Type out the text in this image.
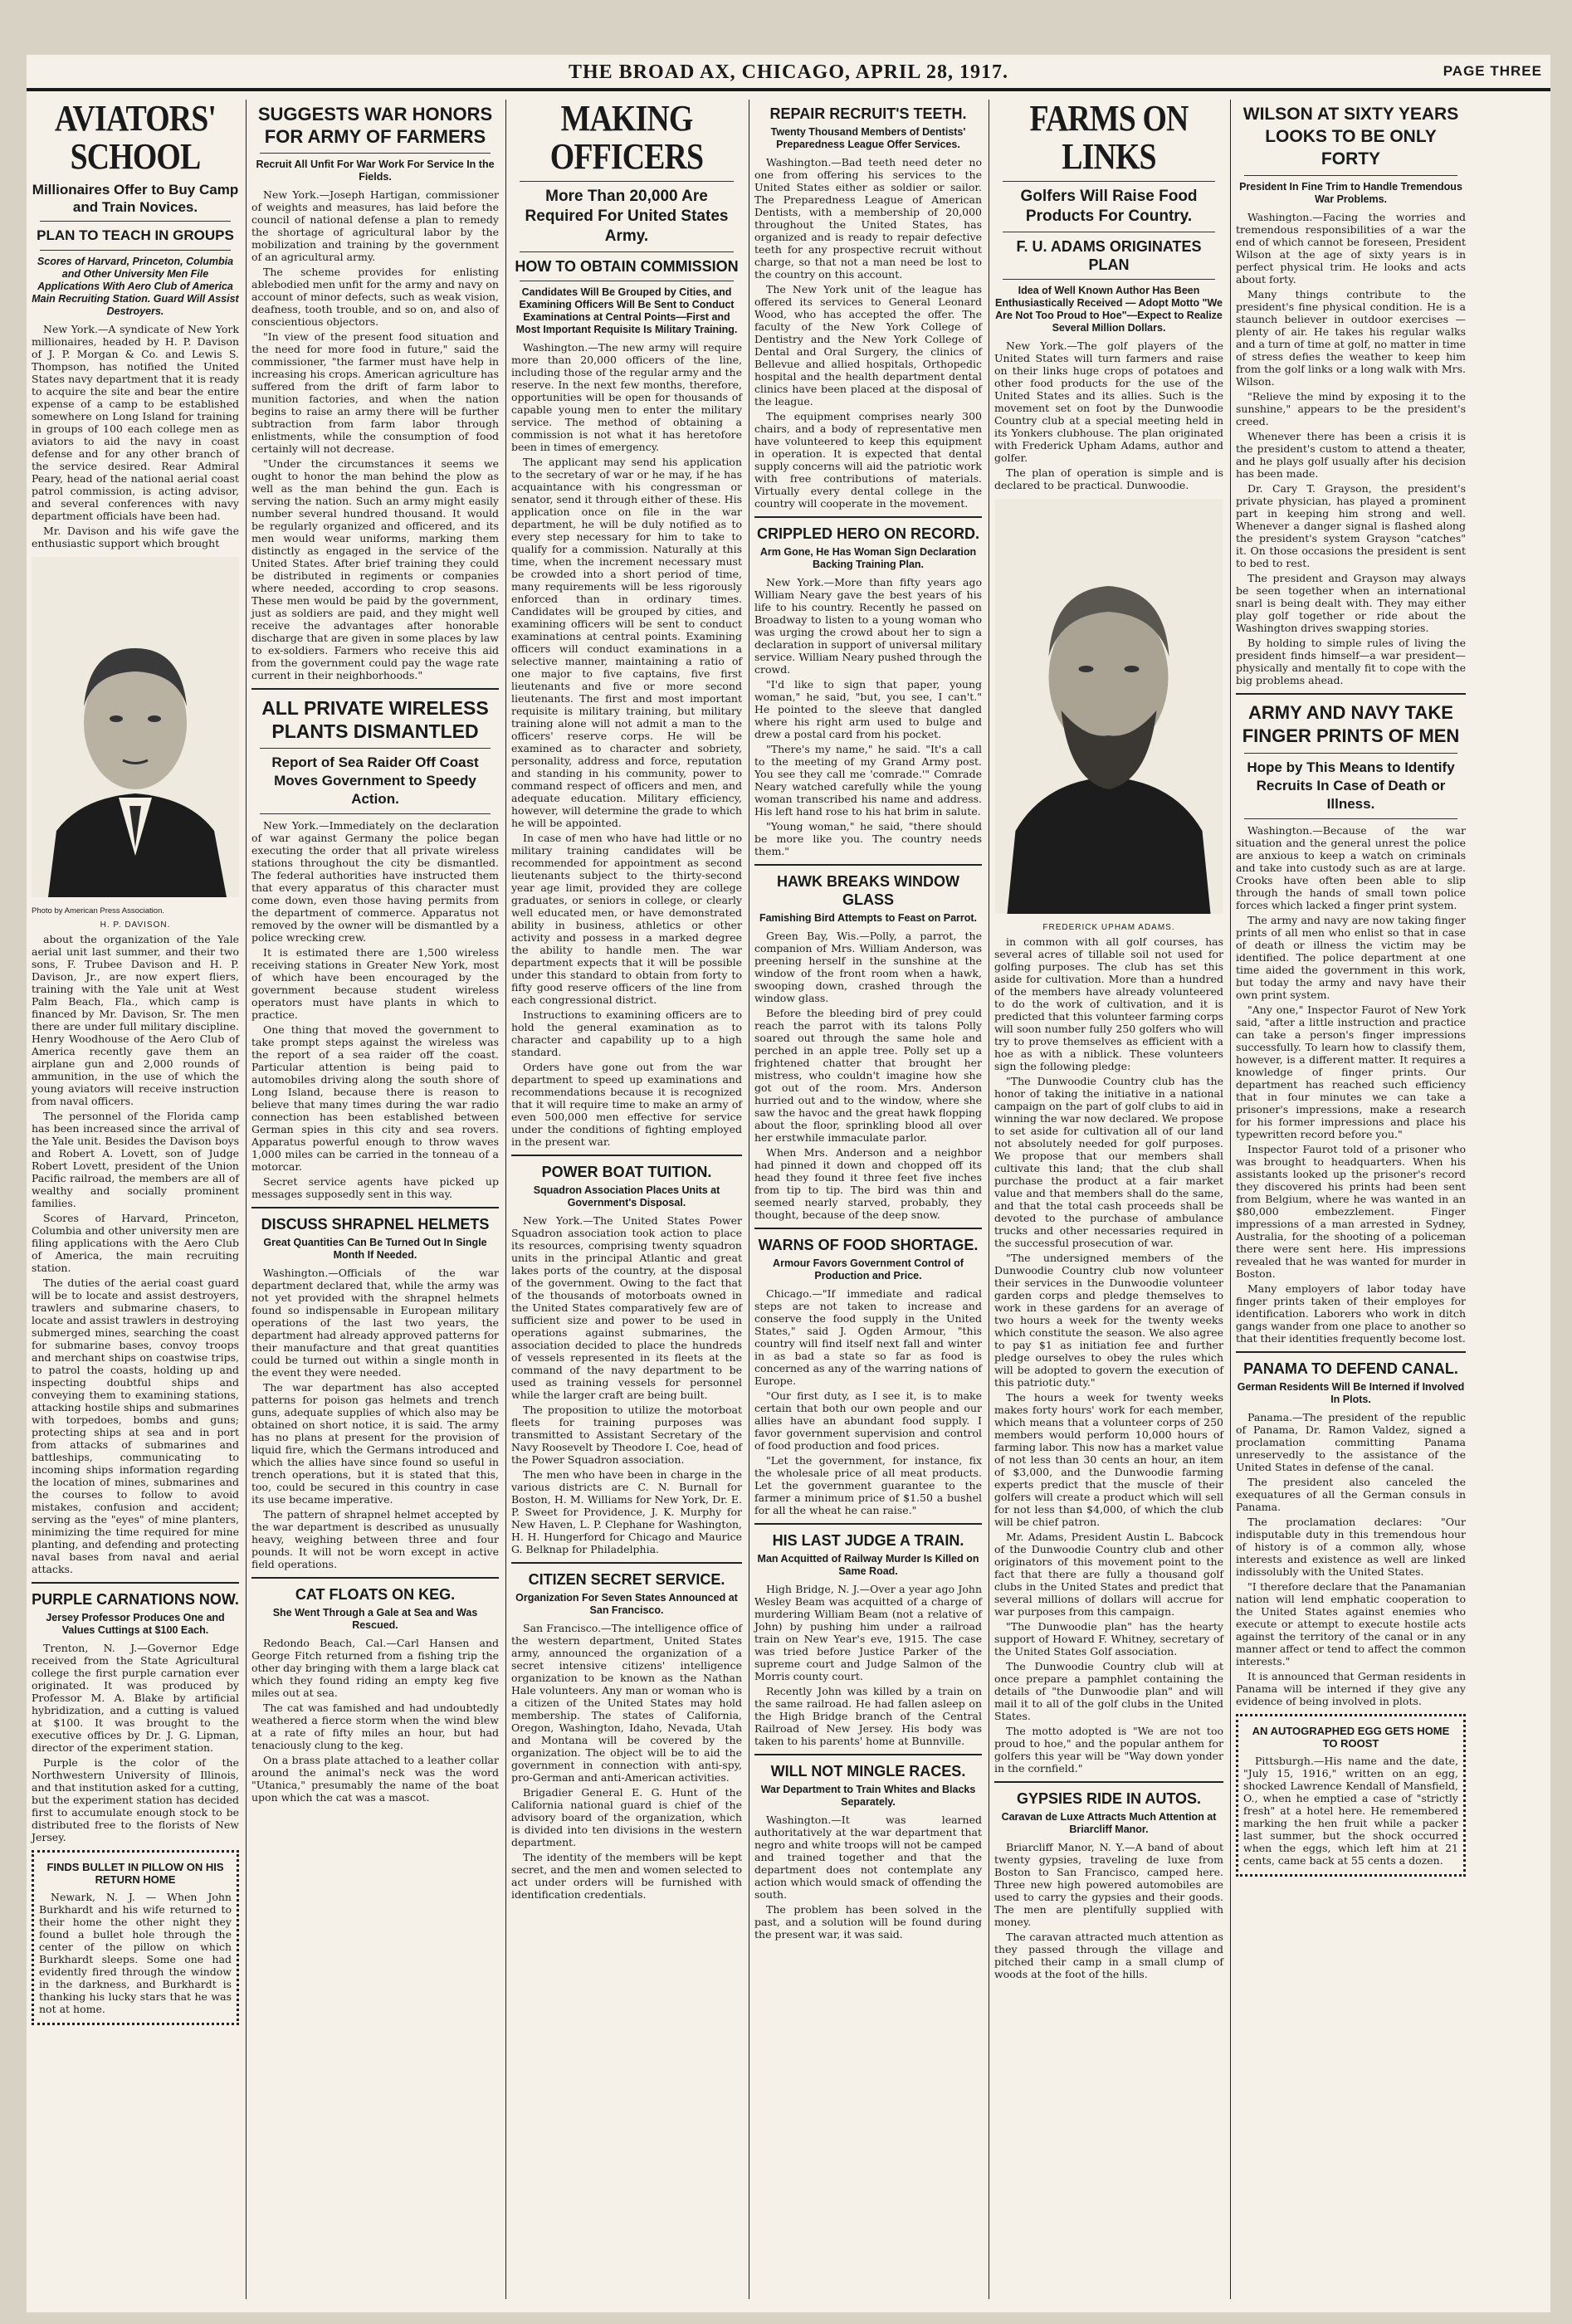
THE BROAD AX, CHICAGO, APRIL 28, 1917.	PAGE THREE
AVIATORS' SCHOOL
Millionaires Offer to Buy Camp and Train Novices.
PLAN TO TEACH IN GROUPS
Scores of Harvard, Princeton, Columbia and Other University Men File Applications With Aero Club of America Main Recruiting Station. Guard Will Assist Destroyers.

New York.—A syndicate of New York millionaires, headed by H. P. Davison of J. P. Morgan & Co. and Lewis S. Thompson, has notified the United States navy department that it is ready to acquire the site and bear the entire expense of a camp to be established somewhere on Long Island for training in groups of 100 each college men as aviators to aid the navy in coast defense and for any other branch of the service desired. Rear Admiral Peary, head of the national aerial coast patrol commission, is acting advisor, and several conferences with navy department officials have been had.

Mr. Davison and his wife gave the enthusiastic support which brought

Photo by American Press Association.
H. P. DAVISON.

about the organization of the Yale aerial unit last summer, and their two sons, F. Trubee Davison and H. P. Davison, Jr., are now expert fliers, training with the Yale unit at West Palm Beach, Fla., which camp is financed by Mr. Davison, Sr. The men there are under full military discipline. Henry Woodhouse of the Aero Club of America recently gave them an airplane gun and 2,000 rounds of ammunition, in the use of which the young aviators will receive instruction from naval officers.

The personnel of the Florida camp has been increased since the arrival of the Yale unit. Besides the Davison boys and Robert A. Lovett, son of Judge Robert Lovett, president of the Union Pacific railroad, the members are all of wealthy and socially prominent families.

Scores of Harvard, Princeton, Columbia and other university men are filing applications with the Aero Club of America, the main recruiting station.

The duties of the aerial coast guard will be to locate and assist destroyers, trawlers and submarine chasers, to locate and assist trawlers in destroying submerged mines, searching the coast for submarine bases, convoy troops and merchant ships on coastwise trips, to patrol the coasts, holding up and inspecting doubtful ships and conveying them to examining stations, attacking hostile ships and submarines with torpedoes, bombs and guns; protecting ships at sea and in port from attacks of submarines and battleships, communicating to incoming ships information regarding the location of mines, submarines and the courses to follow to avoid mistakes, confusion and accident; serving as the "eyes" of mine planters, minimizing the time required for mine planting, and defending and protecting naval bases from naval and aerial attacks.

PURPLE CARNATIONS NOW.
Jersey Professor Produces One and Values Cuttings at $100 Each.

Trenton, N. J.—Governor Edge received from the State Agricultural college the first purple carnation ever originated. It was produced by Professor M. A. Blake by artificial hybridization, and a cutting is valued at $100. It was brought to the executive offices by Dr. J. G. Lipman, director of the experiment station.

Purple is the color of the Northwestern University of Illinois, and that institution asked for a cutting, but the experiment station has decided first to accumulate enough stock to be distributed free to the florists of New Jersey.

FINDS BULLET IN PILLOW ON HIS RETURN HOME

Newark, N. J. — When John Burkhardt and his wife returned to their home the other night they found a bullet hole through the center of the pillow on which Burkhardt sleeps. Some one had evidently fired through the window in the darkness, and Burkhardt is thanking his lucky stars that he was not at home.

SUGGESTS WAR HONORS FOR ARMY OF FARMERS
Recruit All Unfit For War Work For Service In the Fields.

New York.—Joseph Hartigan, commissioner of weights and measures, has laid before the council of national defense a plan to remedy the shortage of agricultural labor by the mobilization and training by the government of an agricultural army.

The scheme provides for enlisting ablebodied men unfit for the army and navy on account of minor defects, such as weak vision, deafness, tooth trouble, and so on, and also of conscientious objectors.

"In view of the present food situation and the need for more food in future," said the commissioner, "the farmer must have help in increasing his crops. American agriculture has suffered from the drift of farm labor to munition factories, and when the nation begins to raise an army there will be further subtraction from farm labor through enlistments, while the consumption of food certainly will not decrease.

"Under the circumstances it seems we ought to honor the man behind the plow as well as the man behind the gun. Each is serving the nation. Such an army might easily number several hundred thousand. It would be regularly organized and officered, and its men would wear uniforms, marking them distinctly as engaged in the service of the United States. After brief training they could be distributed in regiments or companies where needed, according to crop seasons. These men would be paid by the government, just as soldiers are paid, and they might well receive the advantages after honorable discharge that are given in some places by law to ex-soldiers. Farmers who receive this aid from the government could pay the wage rate current in their neighborhoods."

ALL PRIVATE WIRELESS PLANTS DISMANTLED
Report of Sea Raider Off Coast Moves Government to Speedy Action.

New York.—Immediately on the declaration of war against Germany the police began executing the order that all private wireless stations throughout the city be dismantled. The federal authorities have instructed them that every apparatus of this character must come down, even those having permits from the department of commerce. Apparatus not removed by the owner will be dismantled by a police wrecking crew.

It is estimated there are 1,500 wireless receiving stations in Greater New York, most of which have been encouraged by the government because student wireless operators must have plants in which to practice.

One thing that moved the government to take prompt steps against the wireless was the report of a sea raider off the coast. Particular attention is being paid to automobiles driving along the south shore of Long Island, because there is reason to believe that many times during the war radio connection has been established between German spies in this city and sea rovers. Apparatus powerful enough to throw waves 1,000 miles can be carried in the tonneau of a motorcar.

Secret service agents have picked up messages supposedly sent in this way.

DISCUSS SHRAPNEL HELMETS
Great Quantities Can Be Turned Out In Single Month If Needed.

Washington.—Officials of the war department declared that, while the army was not yet provided with the shrapnel helmets found so indispensable in European military operations of the last two years, the department had already approved patterns for their manufacture and that great quantities could be turned out within a single month in the event they were needed.

The war department has also accepted patterns for poison gas helmets and trench guns, adequate supplies of which also may be obtained on short notice, it is said. The army has no plans at present for the provision of liquid fire, which the Germans introduced and which the allies have since found so useful in trench operations, but it is stated that this, too, could be secured in this country in case its use became imperative.

The pattern of shrapnel helmet accepted by the war department is described as unusually heavy, weighing between three and four pounds. It will not be worn except in active field operations.

CAT FLOATS ON KEG.
She Went Through a Gale at Sea and Was Rescued.

Redondo Beach, Cal.—Carl Hansen and George Fitch returned from a fishing trip the other day bringing with them a large black cat which they found riding an empty keg five miles out at sea.

The cat was famished and had undoubtedly weathered a fierce storm when the wind blew at a rate of fifty miles an hour, but had tenaciously clung to the keg.

On a brass plate attached to a leather collar around the animal's neck was the word "Utanica," presumably the name of the boat upon which the cat was a mascot.

MAKING OFFICERS
More Than 20,000 Are Required For United States Army.
HOW TO OBTAIN COMMISSION
Candidates Will Be Grouped by Cities, and Examining Officers Will Be Sent to Conduct Examinations at Central Points—First and Most Important Requisite Is Military Training.

Washington.—The new army will require more than 20,000 officers of the line, including those of the regular army and the reserve. In the next few months, therefore, opportunities will be open for thousands of capable young men to enter the military service. The method of obtaining a commission is not what it has heretofore been in times of emergency.

The applicant may send his application to the secretary of war or he may, if he has acquaintance with his congressman or senator, send it through either of these. His application once on file in the war department, he will be duly notified as to every step necessary for him to take to qualify for a commission. Naturally at this time, when the increment necessary must be crowded into a short period of time, many requirements will be less rigorously enforced than in ordinary times. Candidates will be grouped by cities, and examining officers will be sent to conduct examinations at central points. Examining officers will conduct examinations in a selective manner, maintaining a ratio of one major to five captains, five first lieutenants and five or more second lieutenants. The first and most important requisite is military training, but military training alone will not admit a man to the officers' reserve corps. He will be examined as to character and sobriety, personality, address and force, reputation and standing in his community, power to command respect of officers and men, and adequate education. Military efficiency, however, will determine the grade to which he will be appointed.

In case of men who have had little or no military training candidates will be recommended for appointment as second lieutenants subject to the thirty-second year age limit, provided they are college graduates, or seniors in college, or clearly well educated men, or have demonstrated ability in business, athletics or other activity and possess in a marked degree the ability to handle men. The war department expects that it will be possible under this standard to obtain from forty to fifty good reserve officers of the line from each congressional district.

Instructions to examining officers are to hold the general examination as to character and capability up to a high standard.

Orders have gone out from the war department to speed up examinations and recommendations because it is recognized that it will require time to make an army of even 500,000 men effective for service under the conditions of fighting employed in the present war.

POWER BOAT TUITION.
Squadron Association Places Units at Government's Disposal.

New York.—The United States Power Squadron association took action to place its resources, comprising twenty squadron units in the principal Atlantic and great lakes ports of the country, at the disposal of the government. Owing to the fact that of the thousands of motorboats owned in the United States comparatively few are of sufficient size and power to be used in operations against submarines, the association decided to place the hundreds of vessels represented in its fleets at the command of the navy department to be used as training vessels for personnel while the larger craft are being built.

The proposition to utilize the motorboat fleets for training purposes was transmitted to Assistant Secretary of the Navy Roosevelt by Theodore I. Coe, head of the Power Squadron association.

The men who have been in charge in the various districts are C. N. Burnall for Boston, H. M. Williams for New York, Dr. E. P. Sweet for Providence, J. K. Murphy for New Haven, L. P. Clephane for Washington, H. H. Hungerford for Chicago and Maurice G. Belknap for Philadelphia.

CITIZEN SECRET SERVICE.
Organization For Seven States Announced at San Francisco.

San Francisco.—The intelligence office of the western department, United States army, announced the organization of a secret intensive citizens' intelligence organization to be known as the Nathan Hale volunteers. Any man or woman who is a citizen of the United States may hold membership. The states of California, Oregon, Washington, Idaho, Nevada, Utah and Montana will be covered by the organization. The object will be to aid the government in connection with anti-spy, pro-German and anti-American activities.

Brigadier General E. G. Hunt of the California national guard is chief of the advisory board of the organization, which is divided into ten divisions in the western department.

The identity of the members will be kept secret, and the men and women selected to act under orders will be furnished with identification credentials.

REPAIR RECRUIT'S TEETH.
Twenty Thousand Members of Dentists' Preparedness League Offer Services.

Washington.—Bad teeth need deter no one from offering his services to the United States either as soldier or sailor. The Preparedness League of American Dentists, with a membership of 20,000 throughout the United States, has organized and is ready to repair defective teeth for any prospective recruit without charge, so that not a man need be lost to the country on this account.

The New York unit of the league has offered its services to General Leonard Wood, who has accepted the offer. The faculty of the New York College of Dentistry and the New York College of Dental and Oral Surgery, the clinics of Bellevue and allied hospitals, Orthopedic hospital and the health department dental clinics have been placed at the disposal of the league.

The equipment comprises nearly 300 chairs, and a body of representative men have volunteered to keep this equipment in operation. It is expected that dental supply concerns will aid the patriotic work with free contributions of materials. Virtually every dental college in the country will cooperate in the movement.

CRIPPLED HERO ON RECORD.
Arm Gone, He Has Woman Sign Declaration Backing Training Plan.

New York.—More than fifty years ago William Neary gave the best years of his life to his country. Recently he passed on Broadway to listen to a young woman who was urging the crowd about her to sign a declaration in support of universal military service. William Neary pushed through the crowd.

"I'd like to sign that paper, young woman," he said, "but, you see, I can't." He pointed to the sleeve that dangled where his right arm used to bulge and drew a postal card from his pocket.

"There's my name," he said. "It's a call to the meeting of my Grand Army post. You see they call me 'comrade.'" Comrade Neary watched carefully while the young woman transcribed his name and address. His left hand rose to his hat brim in salute.

"Young woman," he said, "there should be more like you. The country needs them."

HAWK BREAKS WINDOW GLASS
Famishing Bird Attempts to Feast on Parrot.

Green Bay, Wis.—Polly, a parrot, the companion of Mrs. William Anderson, was preening herself in the sunshine at the window of the front room when a hawk, swooping down, crashed through the window glass.

Before the bleeding bird of prey could reach the parrot with its talons Polly soared out through the same hole and perched in an apple tree. Polly set up a frightened chatter that brought her mistress, who couldn't imagine how she got out of the room. Mrs. Anderson hurried out and to the window, where she saw the havoc and the great hawk flopping about the floor, sprinkling blood all over her erstwhile immaculate parlor.

When Mrs. Anderson and a neighbor had pinned it down and chopped off its head they found it three feet five inches from tip to tip. The bird was thin and seemed nearly starved, probably, they thought, because of the deep snow.

WARNS OF FOOD SHORTAGE.
Armour Favors Government Control of Production and Price.

Chicago.—"If immediate and radical steps are not taken to increase and conserve the food supply in the United States," said J. Ogden Armour, "this country will find itself next fall and winter in as bad a state so far as food is concerned as any of the warring nations of Europe.

"Our first duty, as I see it, is to make certain that both our own people and our allies have an abundant food supply. I favor government supervision and control of food production and food prices.

"Let the government, for instance, fix the wholesale price of all meat products. Let the government guarantee to the farmer a minimum price of $1.50 a bushel for all the wheat he can raise."

HIS LAST JUDGE A TRAIN.
Man Acquitted of Railway Murder Is Killed on Same Road.

High Bridge, N. J.—Over a year ago John Wesley Beam was acquitted of a charge of murdering William Beam (not a relative of John) by pushing him under a railroad train on New Year's eve, 1915. The case was tried before Justice Parker of the supreme court and Judge Salmon of the Morris county court.

Recently John was killed by a train on the same railroad. He had fallen asleep on the High Bridge branch of the Central Railroad of New Jersey. His body was taken to his parents' home at Bunnville.

WILL NOT MINGLE RACES.
War Department to Train Whites and Blacks Separately.

Washington.—It was learned authoritatively at the war department that negro and white troops will not be camped and trained together and that the department does not contemplate any action which would smack of offending the south.

The problem has been solved in the past, and a solution will be found during the present war, it was said.

FARMS ON LINKS
Golfers Will Raise Food Products For Country.
F. U. ADAMS ORIGINATES PLAN
Idea of Well Known Author Has Been Enthusiastically Received — Adopt Motto "We Are Not Too Proud to Hoe"—Expect to Realize Several Million Dollars.

New York.—The golf players of the United States will turn farmers and raise on their links huge crops of potatoes and other food products for the use of the United States and its allies. Such is the movement set on foot by the Dunwoodie Country club at a special meeting held in its Yonkers clubhouse. The plan originated with Frederick Upham Adams, author and golfer.

The plan of operation is simple and is declared to be practical. Dunwoodie.

FREDERICK UPHAM ADAMS.

in common with all golf courses, has several acres of tillable soil not used for golfing purposes. The club has set this aside for cultivation. More than a hundred of the members have already volunteered to do the work of cultivation, and it is predicted that this volunteer farming corps will soon number fully 250 golfers who will try to prove themselves as efficient with a hoe as with a niblick. These volunteers sign the following pledge:

"The Dunwoodie Country club has the honor of taking the initiative in a national campaign on the part of golf clubs to aid in winning the war now declared. We propose to set aside for cultivation all of our land not absolutely needed for golf purposes. We propose that our members shall cultivate this land; that the club shall purchase the product at a fair market value and that members shall do the same, and that the total cash proceeds shall be devoted to the purchase of ambulance trucks and other necessaries required in the successful prosecution of war.

"The undersigned members of the Dunwoodie Country club now volunteer their services in the Dunwoodie volunteer garden corps and pledge themselves to work in these gardens for an average of two hours a week for the twenty weeks which constitute the season. We also agree to pay $1 as initiation fee and further pledge ourselves to obey the rules which will be adopted to govern the execution of this patriotic duty."

The hours a week for twenty weeks makes forty hours' work for each member, which means that a volunteer corps of 250 members would perform 10,000 hours of farming labor. This now has a market value of not less than 30 cents an hour, an item of $3,000, and the Dunwoodie farming experts predict that the muscle of their golfers will create a product which will sell for not less than $4,000, of which the club will be chief patron.

Mr. Adams, President Austin L. Babcock of the Dunwoodie Country club and other originators of this movement point to the fact that there are fully a thousand golf clubs in the United States and predict that several millions of dollars will accrue for war purposes from this campaign.

"The Dunwoodie plan" has the hearty support of Howard F. Whitney, secretary of the United States Golf association.

The Dunwoodie Country club will at once prepare a pamphlet containing the details of "the Dunwoodie plan" and will mail it to all of the golf clubs in the United States.

The motto adopted is "We are not too proud to hoe," and the popular anthem for golfers this year will be "Way down yonder in the cornfield."

GYPSIES RIDE IN AUTOS.
Caravan de Luxe Attracts Much Attention at Briarcliff Manor.

Briarcliff Manor, N. Y.—A band of about twenty gypsies, traveling de luxe from Boston to San Francisco, camped here. Three new high powered automobiles are used to carry the gypsies and their goods. The men are plentifully supplied with money.

The caravan attracted much attention as they passed through the village and pitched their camp in a small clump of woods at the foot of the hills.

WILSON AT SIXTY YEARS LOOKS TO BE ONLY FORTY
President In Fine Trim to Handle Tremendous War Problems.

Washington.—Facing the worries and tremendous responsibilities of a war the end of which cannot be foreseen, President Wilson at the age of sixty years is in perfect physical trim. He looks and acts about forty.

Many things contribute to the president's fine physical condition. He is a staunch believer in outdoor exercises —plenty of air. He takes his regular walks and a turn of time at golf, no matter in time of stress defies the weather to keep him from the golf links or a long walk with Mrs. Wilson.

"Relieve the mind by exposing it to the sunshine," appears to be the president's creed.

Whenever there has been a crisis it is the president's custom to attend a theater, and he plays golf usually after his decision has been made.

Dr. Cary T. Grayson, the president's private physician, has played a prominent part in keeping him strong and well. Whenever a danger signal is flashed along the president's system Grayson "catches" it. On those occasions the president is sent to bed to rest.

The president and Grayson may always be seen together when an international snarl is being dealt with. They may either play golf together or ride about the Washington drives swapping stories.

By holding to simple rules of living the president finds himself—a war president—physically and mentally fit to cope with the big problems ahead.

ARMY AND NAVY TAKE FINGER PRINTS OF MEN
Hope by This Means to Identify Recruits In Case of Death or Illness.

Washington.—Because of the war situation and the general unrest the police are anxious to keep a watch on criminals and take into custody such as are at large. Crooks have often been able to slip through the hands of small town police forces which lacked a finger print system.

The army and navy are now taking finger prints of all men who enlist so that in case of death or illness the victim may be identified. The police department at one time aided the government in this work, but today the army and navy have their own print system.

"Any one," Inspector Faurot of New York said, "after a little instruction and practice can take a person's finger impressions successfully. To learn how to classify them, however, is a different matter. It requires a knowledge of finger prints. Our department has reached such efficiency that in four minutes we can take a prisoner's impressions, make a research for his former impressions and place his typewritten record before you."

Inspector Faurot told of a prisoner who was brought to headquarters. When his assistants looked up the prisoner's record they discovered his prints had been sent from Belgium, where he was wanted in an $80,000 embezzlement. Finger impressions of a man arrested in Sydney, Australia, for the shooting of a policeman there were sent here. His impressions revealed that he was wanted for murder in Boston.

Many employers of labor today have finger prints taken of their employes for identification. Laborers who work in ditch gangs wander from one place to another so that their identities frequently become lost.

PANAMA TO DEFEND CANAL.
German Residents Will Be Interned if Involved In Plots.

Panama.—The president of the republic of Panama, Dr. Ramon Valdez, signed a proclamation committing Panama unreservedly to the assistance of the United States in defense of the canal.

The president also canceled the exequatures of all the German consuls in Panama.

The proclamation declares: "Our indisputable duty in this tremendous hour of history is of a common ally, whose interests and existence as well are linked indissolubly with the United States.

"I therefore declare that the Panamanian nation will lend emphatic cooperation to the United States against enemies who execute or attempt to execute hostile acts against the territory of the canal or in any manner affect or tend to affect the common interests."

It is announced that German residents in Panama will be interned if they give any evidence of being involved in plots.

AN AUTOGRAPHED EGG GETS HOME TO ROOST

Pittsburgh.—His name and the date, "July 15, 1916," written on an egg, shocked Lawrence Kendall of Mansfield, O., when he emptied a case of "strictly fresh" at a hotel here. He remembered marking the hen fruit while a packer last summer, but the shock occurred when the eggs, which left him at 21 cents, came back at 55 cents a dozen.
